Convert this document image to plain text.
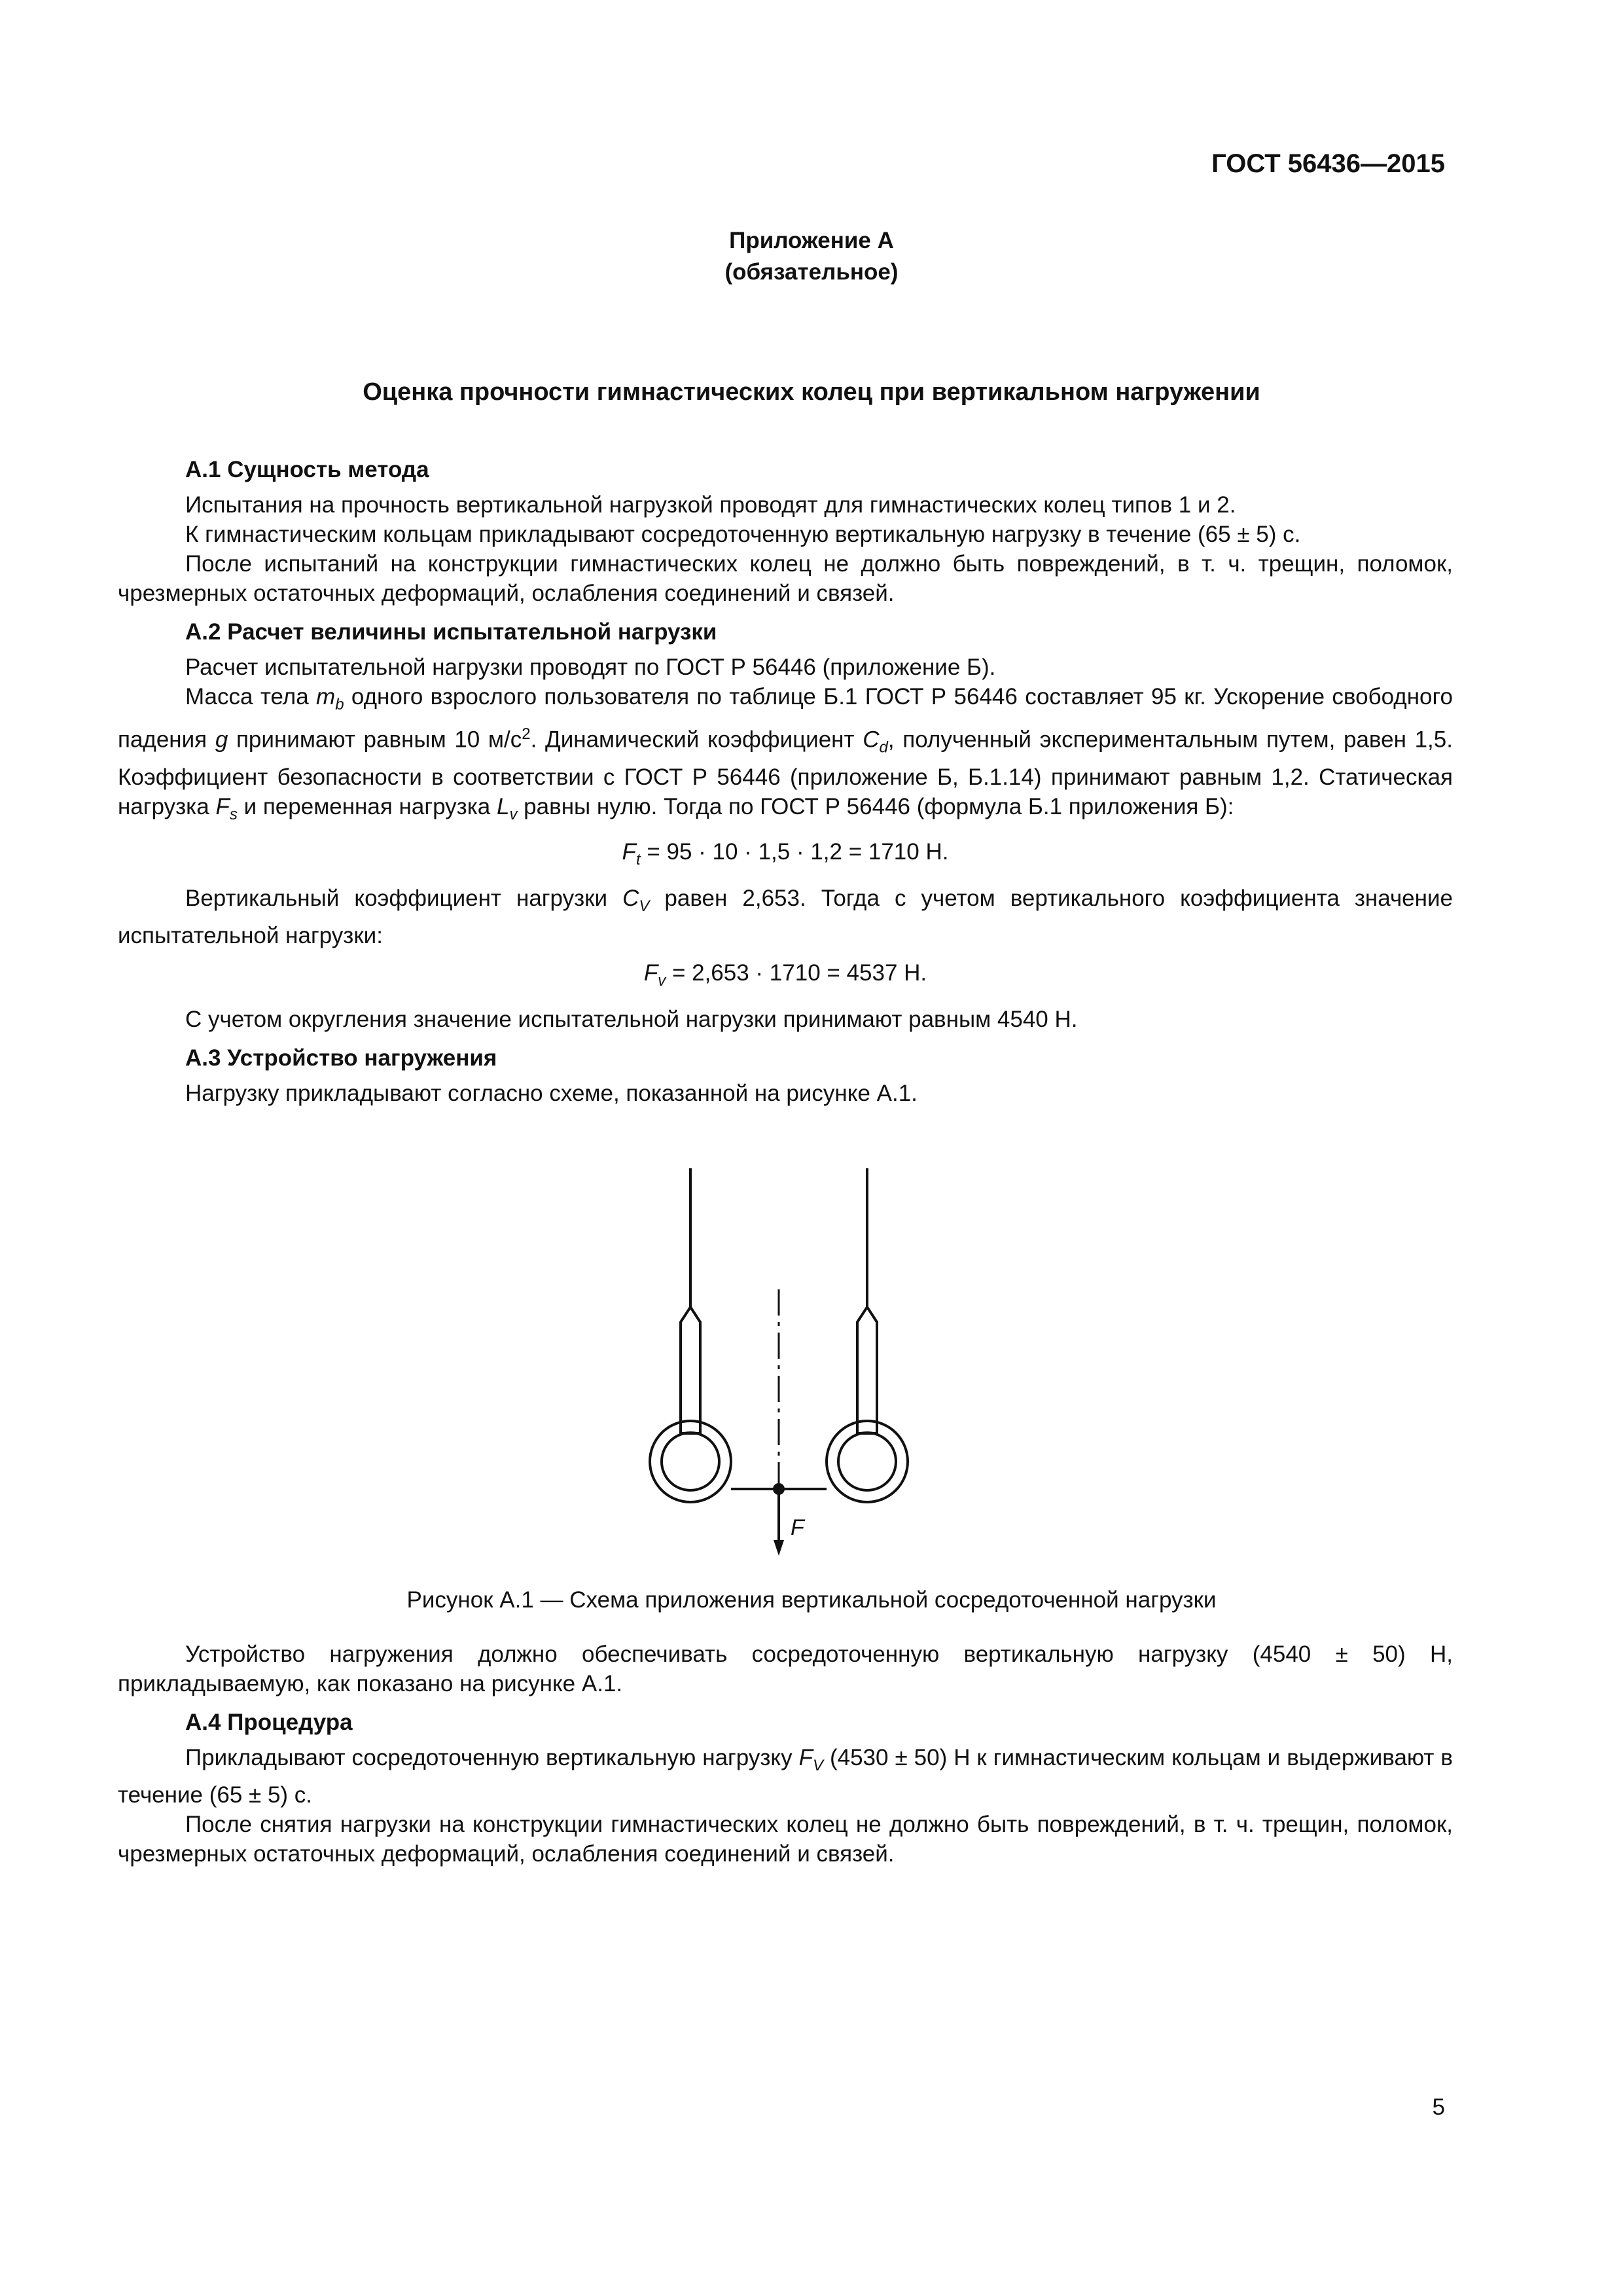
ГОСТ 56436—2015
Приложение А
(обязательное)
Оценка прочности гимнастических колец при вертикальном нагружении
А.1 Сущность метода

Испытания на прочность вертикальной нагрузкой проводят для гимнастических колец типов 1 и 2.

К гимнастическим кольцам прикладывают сосредоточенную вертикальную нагрузку в течение (65 ± 5) с.

После испытаний на конструкции гимнастических колец не должно быть повреждений, в т. ч. трещин, поломок, чрезмерных остаточных деформаций, ослабления соединений и связей.

А.2 Расчет величины испытательной нагрузки

Расчет испытательной нагрузки проводят по ГОСТ Р 56446 (приложение Б).

Масса тела $m_b$ одного взрослого пользователя по таблице Б.1 ГОСТ Р 56446 составляет 95 кг. Ускорение свободного падения g принимают равным 10 $м/с^2$. Динамический коэффициент $C_d$, полученный экспериментальным путем, равен 1,5. Коэффициент безопасности в соответствии с ГОСТ Р 56446 (приложение Б, Б.1.14) принимают равным 1,2. Статическая нагрузка $F_s$ и переменная нагрузка $L_v$ равны нулю. Тогда по ГОСТ Р 56446 (формула Б.1 приложения Б):

$F_t = 95 \cdot 10 \cdot 1,5 \cdot 1,2 = 1710$ Н.

Вертикальный коэффициент нагрузки $C_V$ равен 2,653. Тогда с учетом вертикального коэффициента значение испытательной нагрузки:

$F_v = 2,653 \cdot 1710 = 4537$ Н.

С учетом округления значение испытательной нагрузки принимают равным 4540 Н.

А.3 Устройство нагружения

Нагрузку прикладывают согласно схеме, показанной на рисунке А.1.

F
Рисунок А.1 — Схема приложения вертикальной сосредоточенной нагрузки

Устройство нагружения должно обеспечивать сосредоточенную вертикальную нагрузку (4540 ± 50) Н, прикладываемую, как показано на рисунке А.1.

А.4 Процедура

Прикладывают сосредоточенную вертикальную нагрузку $F_V$ (4530 ± 50) Н к гимнастическим кольцам и выдерживают в течение (65 ± 5) с.

После снятия нагрузки на конструкции гимнастических колец не должно быть повреждений, в т. ч. трещин, поломок, чрезмерных остаточных деформаций, ослабления соединений и связей.

5
